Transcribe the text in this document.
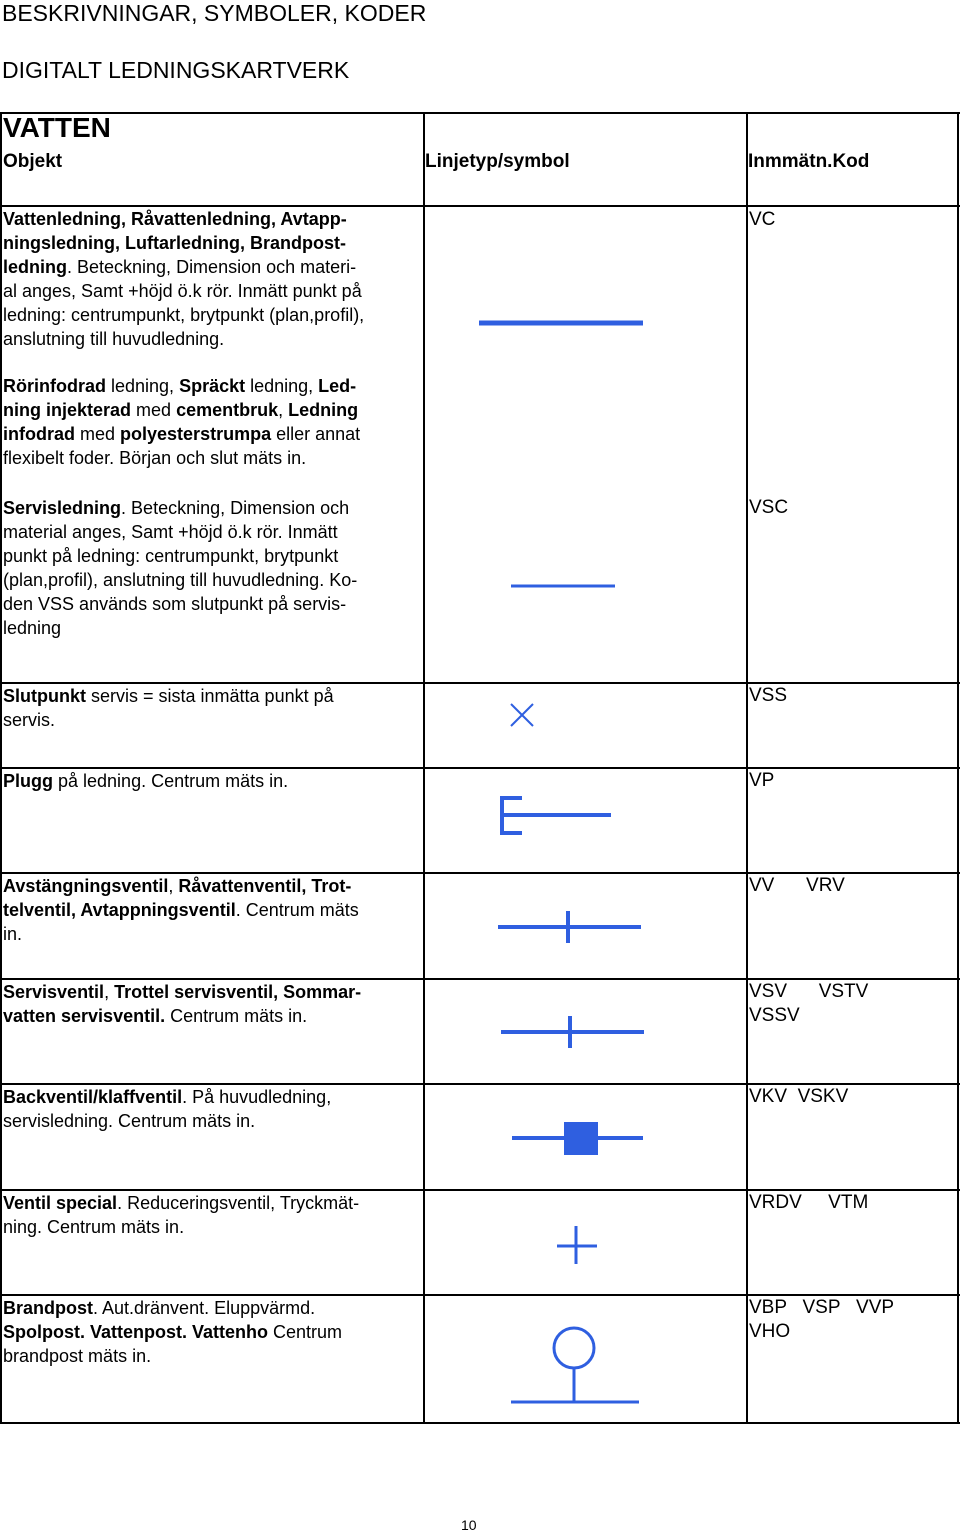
BESKRIVNINGAR, SYMBOLER, KODER
DIGITALT LEDNINGSKARTVERK
VATTEN
Objekt	Linjetyp/symbol	Inmmätn.Kod
Vattenledning, Råvattenledning, Avtapp-
ningsledning, Luftarledning, Brandpost-
ledning. Beteckning, Dimension och materi-
al anges, Samt +höjd ö.k rör. Inmätt punkt på
ledning: centrumpunkt, brytpunkt (plan,profil),
anslutning till huvudledning.
Rörinfodrad ledning, Spräckt ledning, Led-
ning injekterad med cementbruk, Ledning
infodrad med polyesterstrumpa eller annat
flexibelt foder. Början och slut mäts in.
Servisledning. Beteckning, Dimension och
material anges, Samt +höjd ö.k rör. Inmätt
punkt på ledning: centrumpunkt, brytpunkt
(plan,profil), anslutning till huvudledning. Ko-
den VSS används som slutpunkt på servis-
ledning
Slutpunkt servis = sista inmätta punkt på
servis.
Plugg på ledning. Centrum mäts in.
Avstängningsventil, Råvattenventil, Trot-
telventil, Avtappningsventil. Centrum mäts
in.
Servisventil, Trottel servisventil, Sommar-
vatten servisventil. Centrum mäts in.
Backventil/klaffventil. På huvudledning,
servisledning. Centrum mäts in.
Ventil special. Reduceringsventil, Tryckmät-
ning. Centrum mäts in.
Brandpost. Aut.dränvent. Eluppvärmd.
Spolpost. Vattenpost. Vattenho Centrum
brandpost mäts in.
VC
VSC
VSS
VP
VV      VRV
VSV      VSTV
VSSV
VKV  VSKV
VRDV     VTM
VBP   VSP   VVP
VHO
10
